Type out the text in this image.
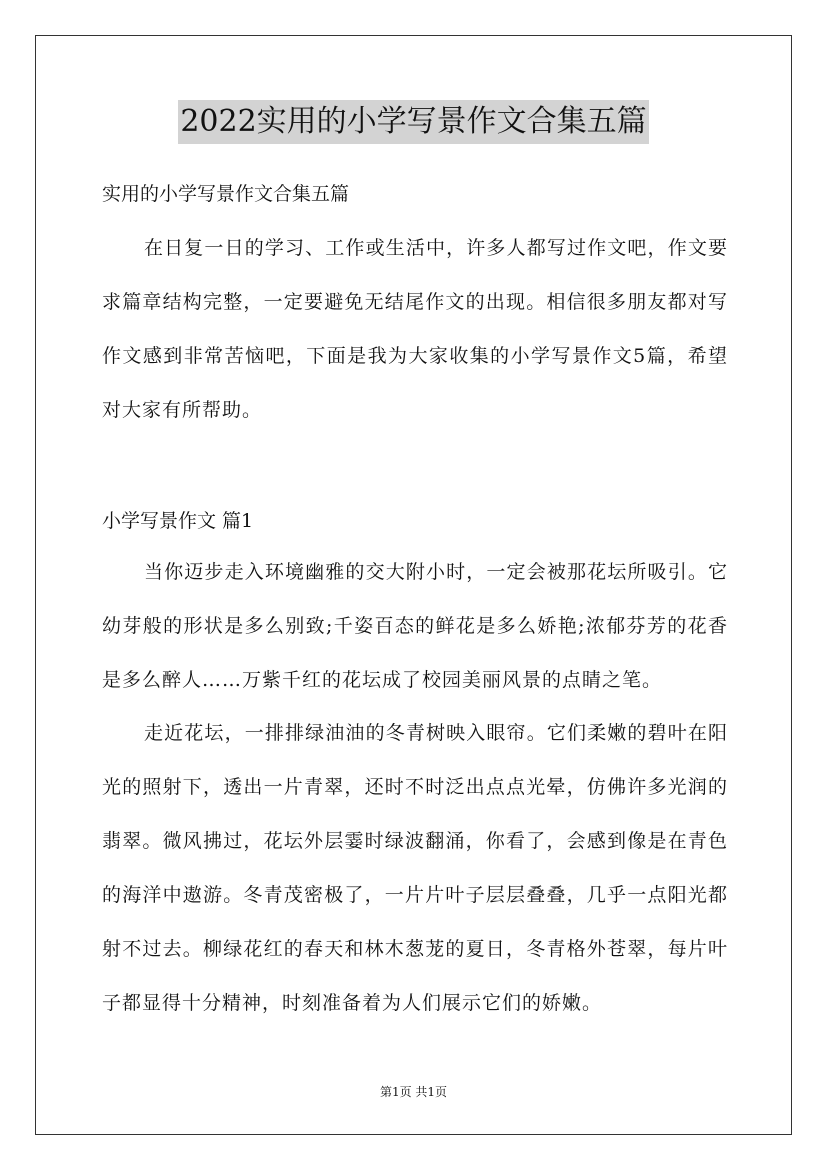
2022实用的小学写景作文合集五篇

实用的小学写景作文合集五篇

在日复一日的学习、工作或生活中，许多人都写过作文吧，作文要求篇章结构完整，一定要避免无结尾作文的出现。相信很多朋友都对写作文感到非常苦恼吧，下面是我为大家收集的小学写景作文5篇，希望对大家有所帮助。

小学写景作文 篇1

当你迈步走入环境幽雅的交大附小时，一定会被那花坛所吸引。它幼芽般的形状是多么别致;千姿百态的鲜花是多么娇艳;浓郁芬芳的花香是多么醉人……万紫千红的花坛成了校园美丽风景的点睛之笔。

走近花坛，一排排绿油油的冬青树映入眼帘。它们柔嫩的碧叶在阳光的照射下，透出一片青翠，还时不时泛出点点光晕，仿佛许多光润的翡翠。微风拂过，花坛外层霎时绿波翻涌，你看了，会感到像是在青色的海洋中遨游。冬青茂密极了，一片片叶子层层叠叠，几乎一点阳光都射不过去。柳绿花红的春天和林木葱茏的夏日，冬青格外苍翠，每片叶子都显得十分精神，时刻准备着为人们展示它们的娇嫩。

第1页 共1页
